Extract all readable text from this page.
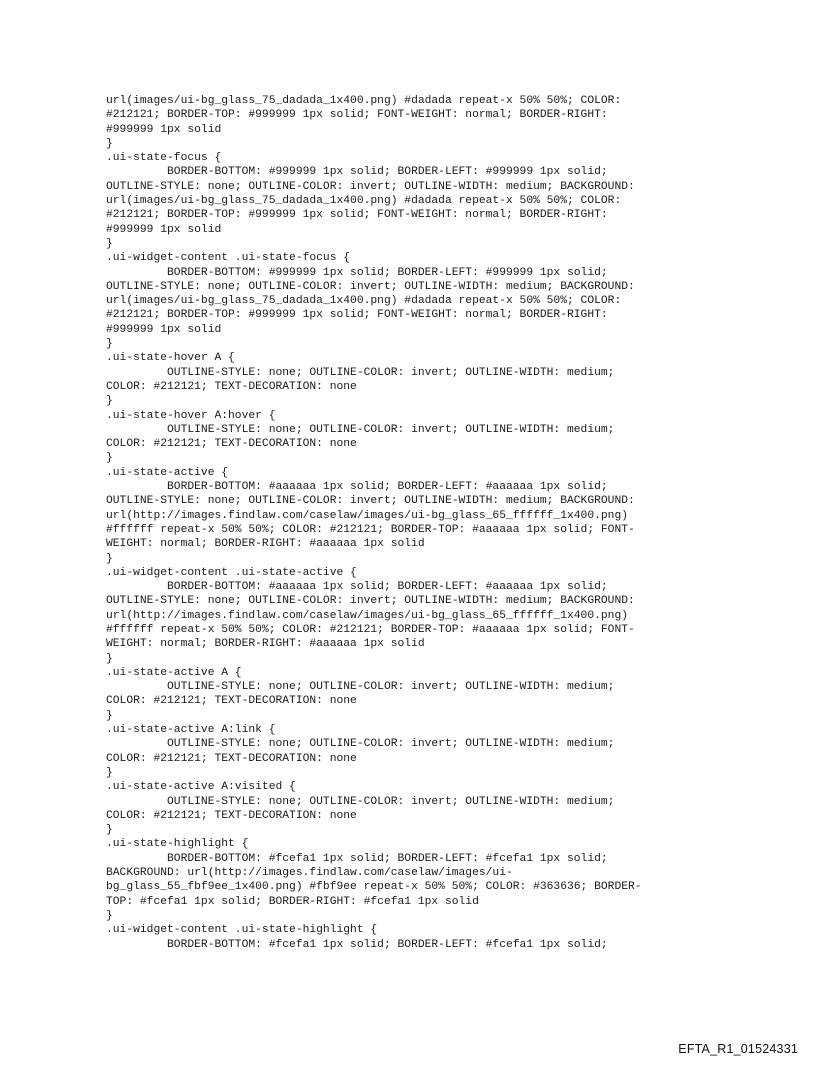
url(images/ui-bg_glass_75_dadada_1x400.png) #dadada repeat-x 50% 50%; COLOR:
#212121; BORDER-TOP: #999999 1px solid; FONT-WEIGHT: normal; BORDER-RIGHT:
#999999 1px solid
}
.ui-state-focus {
BORDER-BOTTOM: #999999 1px solid; BORDER-LEFT: #999999 1px solid;
OUTLINE-STYLE: none; OUTLINE-COLOR: invert; OUTLINE-WIDTH: medium; BACKGROUND:
url(images/ui-bg_glass_75_dadada_1x400.png) #dadada repeat-x 50% 50%; COLOR:
#212121; BORDER-TOP: #999999 1px solid; FONT-WEIGHT: normal; BORDER-RIGHT:
#999999 1px solid
}
.ui-widget-content .ui-state-focus {
BORDER-BOTTOM: #999999 1px solid; BORDER-LEFT: #999999 1px solid;
OUTLINE-STYLE: none; OUTLINE-COLOR: invert; OUTLINE-WIDTH: medium; BACKGROUND:
url(images/ui-bg_glass_75_dadada_1x400.png) #dadada repeat-x 50% 50%; COLOR:
#212121; BORDER-TOP: #999999 1px solid; FONT-WEIGHT: normal; BORDER-RIGHT:
#999999 1px solid
}
.ui-state-hover A {
OUTLINE-STYLE: none; OUTLINE-COLOR: invert; OUTLINE-WIDTH: medium;
COLOR: #212121; TEXT-DECORATION: none
}
.ui-state-hover A:hover {
OUTLINE-STYLE: none; OUTLINE-COLOR: invert; OUTLINE-WIDTH: medium;
COLOR: #212121; TEXT-DECORATION: none
}
.ui-state-active {
BORDER-BOTTOM: #aaaaaa 1px solid; BORDER-LEFT: #aaaaaa 1px solid;
OUTLINE-STYLE: none; OUTLINE-COLOR: invert; OUTLINE-WIDTH: medium; BACKGROUND:
url(http://images.findlaw.com/caselaw/images/ui-bg_glass_65_ffffff_1x400.png)
#ffffff repeat-x 50% 50%; COLOR: #212121; BORDER-TOP: #aaaaaa 1px solid; FONT-
WEIGHT: normal; BORDER-RIGHT: #aaaaaa 1px solid
}
.ui-widget-content .ui-state-active {
BORDER-BOTTOM: #aaaaaa 1px solid; BORDER-LEFT: #aaaaaa 1px solid;
OUTLINE-STYLE: none; OUTLINE-COLOR: invert; OUTLINE-WIDTH: medium; BACKGROUND:
url(http://images.findlaw.com/caselaw/images/ui-bg_glass_65_ffffff_1x400.png)
#ffffff repeat-x 50% 50%; COLOR: #212121; BORDER-TOP: #aaaaaa 1px solid; FONT-
WEIGHT: normal; BORDER-RIGHT: #aaaaaa 1px solid
}
.ui-state-active A {
OUTLINE-STYLE: none; OUTLINE-COLOR: invert; OUTLINE-WIDTH: medium;
COLOR: #212121; TEXT-DECORATION: none
}
.ui-state-active A:link {
OUTLINE-STYLE: none; OUTLINE-COLOR: invert; OUTLINE-WIDTH: medium;
COLOR: #212121; TEXT-DECORATION: none
}
.ui-state-active A:visited {
OUTLINE-STYLE: none; OUTLINE-COLOR: invert; OUTLINE-WIDTH: medium;
COLOR: #212121; TEXT-DECORATION: none
}
.ui-state-highlight {
BORDER-BOTTOM: #fcefa1 1px solid; BORDER-LEFT: #fcefa1 1px solid;
BACKGROUND: url(http://images.findlaw.com/caselaw/images/ui-
bg_glass_55_fbf9ee_1x400.png) #fbf9ee repeat-x 50% 50%; COLOR: #363636; BORDER-
TOP: #fcefa1 1px solid; BORDER-RIGHT: #fcefa1 1px solid
}
.ui-widget-content .ui-state-highlight {
BORDER-BOTTOM: #fcefa1 1px solid; BORDER-LEFT: #fcefa1 1px solid;
EFTA_R1_01524331
